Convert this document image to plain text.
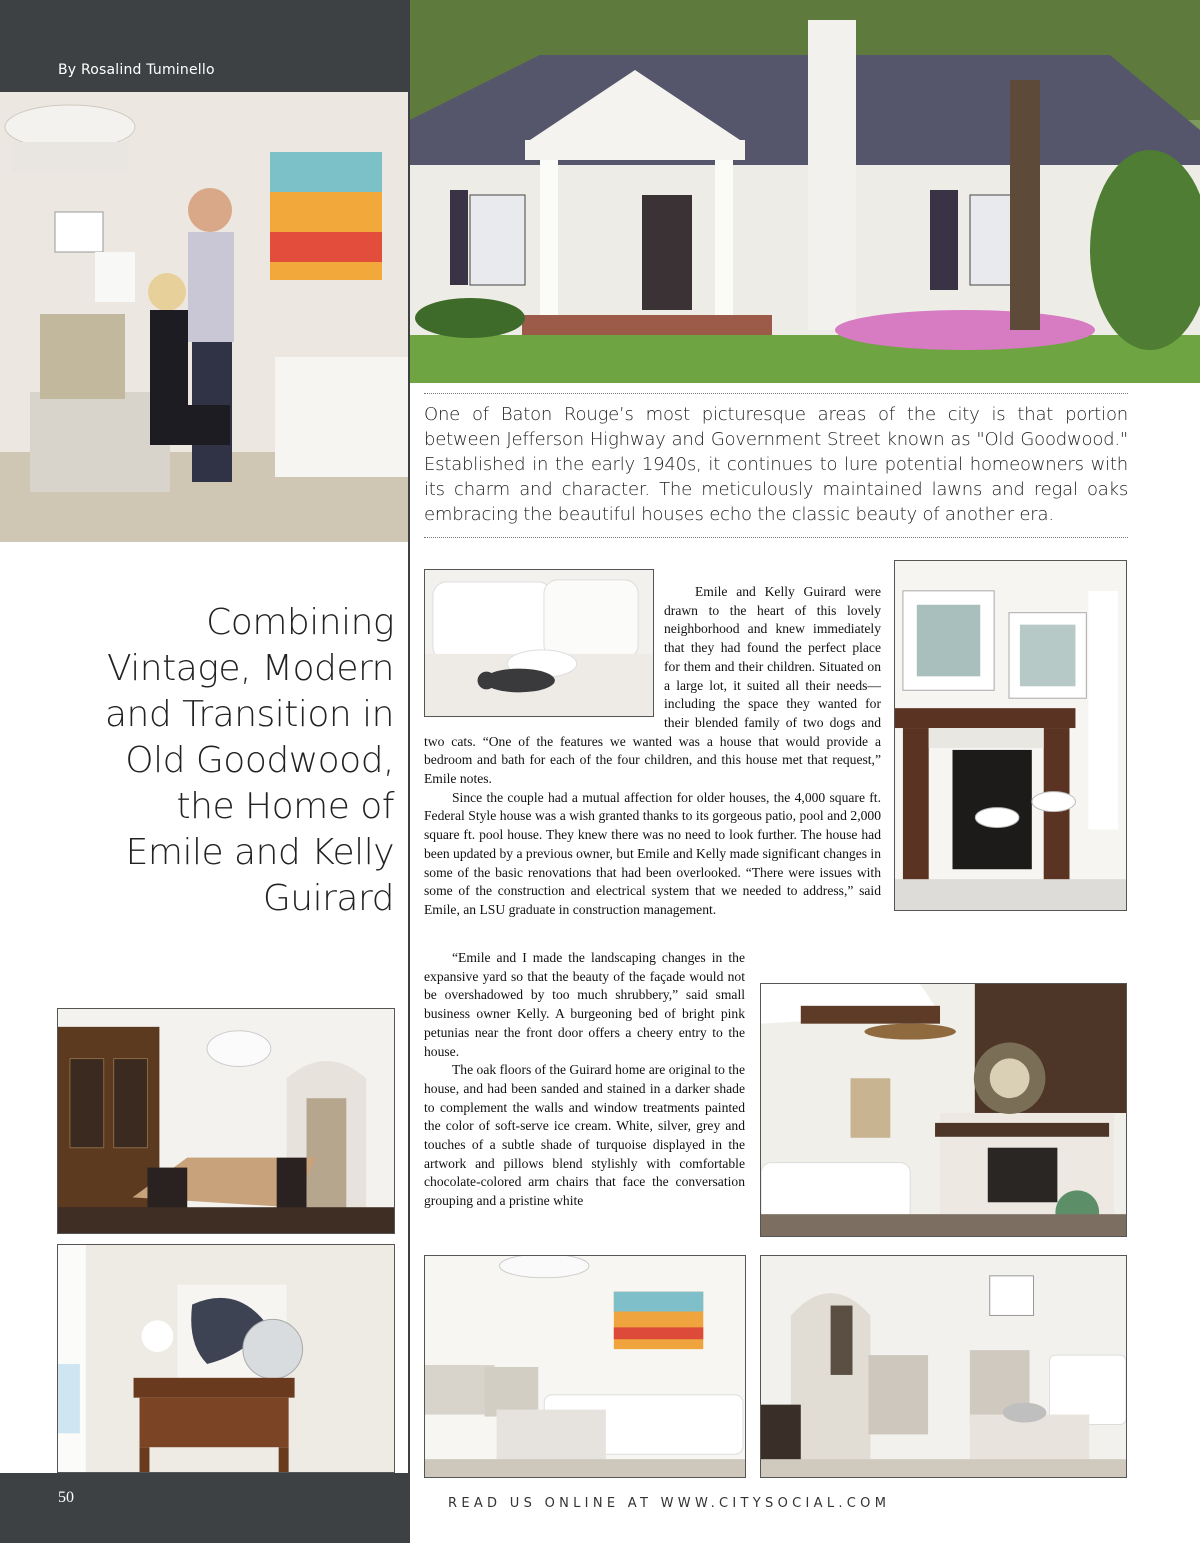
By Rosalind Tuminello
One of Baton Rouge’s most picturesque areas of the city is that portion between Jefferson Highway and Government Street known as "Old Goodwood." Established in the early 1940s, it continues to lure potential homeowners with its charm and character. The meticulously maintained lawns and regal oaks embracing the beautiful houses echo the classic beauty of another era.
Combining
Vintage, Modern
and Transition in
Old Goodwood,
the Home of
Emile and Kelly
Guirard

Emile and Kelly Guirard were drawn to the heart of this lovely neighborhood and knew immediately that they had found the perfect place for them and their children. Situated on a large lot, it suited all their needs—including the space they wanted for their blended family of two dogs and two cats. “One of the features we wanted was a house that would provide a bedroom and bath for each of the four children, and this house met that request,” Emile notes.

Since the couple had a mutual affection for older houses, the 4,000 square ft. Federal Style house was a wish granted thanks to its gorgeous patio, pool and 2,000 square ft. pool house. They knew there was no need to look further. The house had been updated by a previous owner, but Emile and Kelly made significant changes in some of the basic renovations that had been overlooked. “There were issues with some of the construction and electrical system that we needed to address,” said Emile, an LSU graduate in construction management.

“Emile and I made the landscaping changes in the expansive yard so that the beauty of the façade would not be overshadowed by too much shrubbery,” said small business owner Kelly. A burgeoning bed of bright pink petunias near the front door offers a cheery entry to the house.

The oak floors of the Guirard home are original to the house, and had been sanded and stained in a darker shade to complement the walls and window treatments painted the color of soft-serve ice cream. White, silver, grey and touches of a subtle shade of turquoise displayed in the artwork and pillows blend stylishly with comfortable chocolate-colored arm chairs that face the conversation grouping and a pristine white

50	READ US ONLINE AT WWW.CITYSOCIAL.COM
